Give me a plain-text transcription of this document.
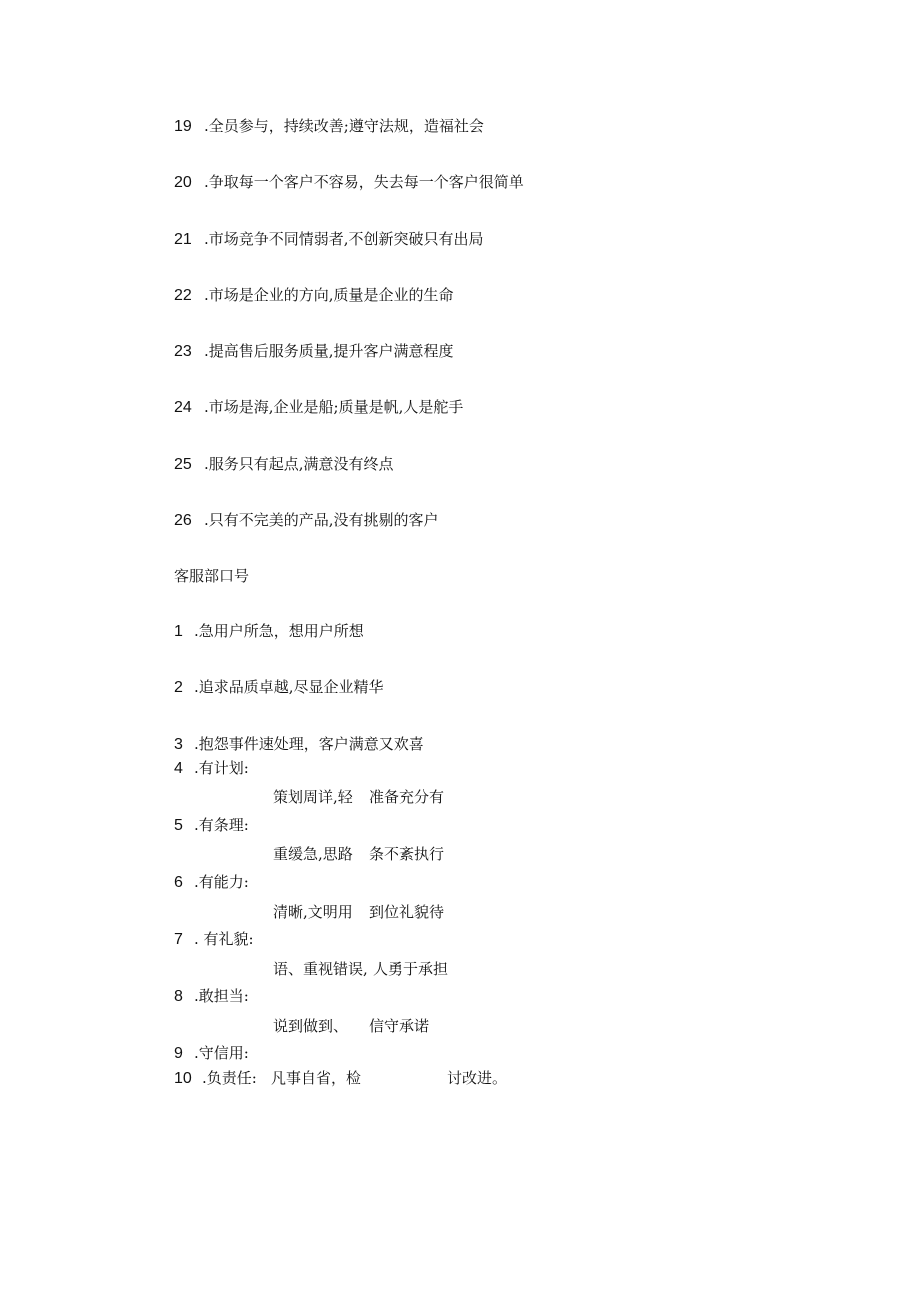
19 .全员参与，持续改善;遵守法规，造福社会
20 .争取每一个客户不容易，失去每一个客户很简单
21 .市场竞争不同情弱者,不创新突破只有出局
22 .市场是企业的方向,质量是企业的生命
23 .提高售后服务质量,提升客户满意程度
24 .市场是海,企业是船;质量是帆,人是舵手
25 .服务只有起点,满意没有终点
26 .只有不完美的产品,没有挑剔的客户
客服部口号
1 .急用户所急，想用户所想
2 .追求品质卓越,尽显企业精华
3 .抱怨事件速处理，客户满意又欢喜
4 .有计划:
策划周详,轻 准备充分有
5 .有条理:
重缓急,思路 条不紊执行
6 .有能力:
清晰,文明用 到位礼貌待
7 . 有礼貌:
语、重视错误, 人勇于承担
8 .敢担当:
说到做到、 信守承诺
9 .守信用:
10 .负责任: 凡事自省，检	讨改进。
